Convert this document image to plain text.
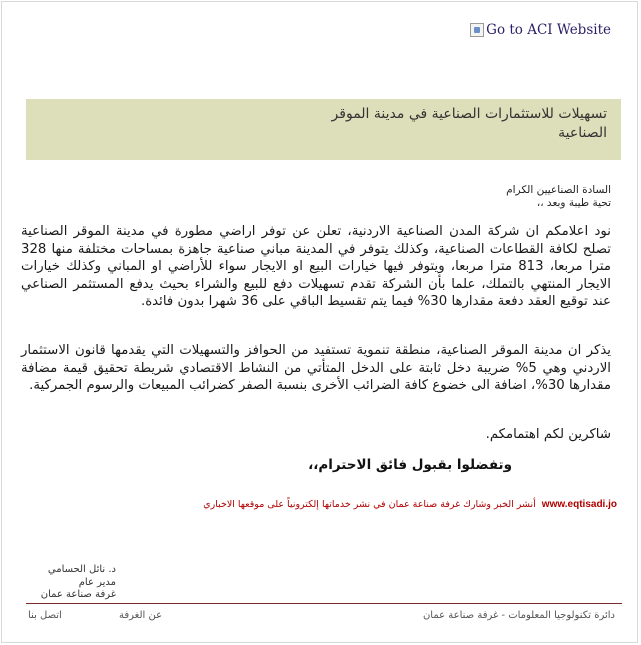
Go to ACI Website
تسهيلات للاستثمارات الصناعية في مدينة الموقر الصناعية
السادة الصناعيين الكرام
تحية طيبة وبعد ،،
نود اعلامكم ان شركة المدن الصناعية الاردنية، تعلن عن توفر اراضي مطورة في مدينة الموقر الصناعية تصلح لكافة القطاعات الصناعية، وكذلك يتوفر في المدينة مباني صناعية جاهزة بمساحات مختلفة منها 328 مترا مربعا، 813 مترا مربعا، ويتوفر فيها خيارات البيع او الايجار سواء للأراضي او المباني وكذلك خيارات الايجار المنتهي بالتملك، علما بأن الشركة تقدم تسهيلات دفع للبيع والشراء بحيث يدفع المستثمر الصناعي عند توقيع العقد دفعة مقدارها 30% فيما يتم تقسيط الباقي على 36 شهرا بدون فائدة.
يذكر ان مدينة الموقر الصناعية، منطقة تنموية تستفيد من الحوافز والتسهيلات التي يقدمها قانون الاستثمار الاردني وهي 5% ضريبة دخل ثابتة على الدخل المتأتي من النشاط الاقتصادي شريطة تحقيق قيمة مضافة مقدارها 30%، اضافة الى خضوع كافة الضرائب الأخرى بنسبة الصفر كضرائب المبيعات والرسوم الجمركية.
شاكرين لكم اهتمامكم.
وتفضلوا بقبول فائق الاحترام،،
أنشر الخبر وشارك غرفة صناعة عمان في نشر خدماتها إلكترونياً على موقعها الاخباري www.eqtisadi.jo
د. نائل الحسامي
مدير عام
غرفة صناعة عمان
دائرة تكنولوجيا المعلومات - غرفة صناعة عمان
عن الغرفة
اتصل بنا
